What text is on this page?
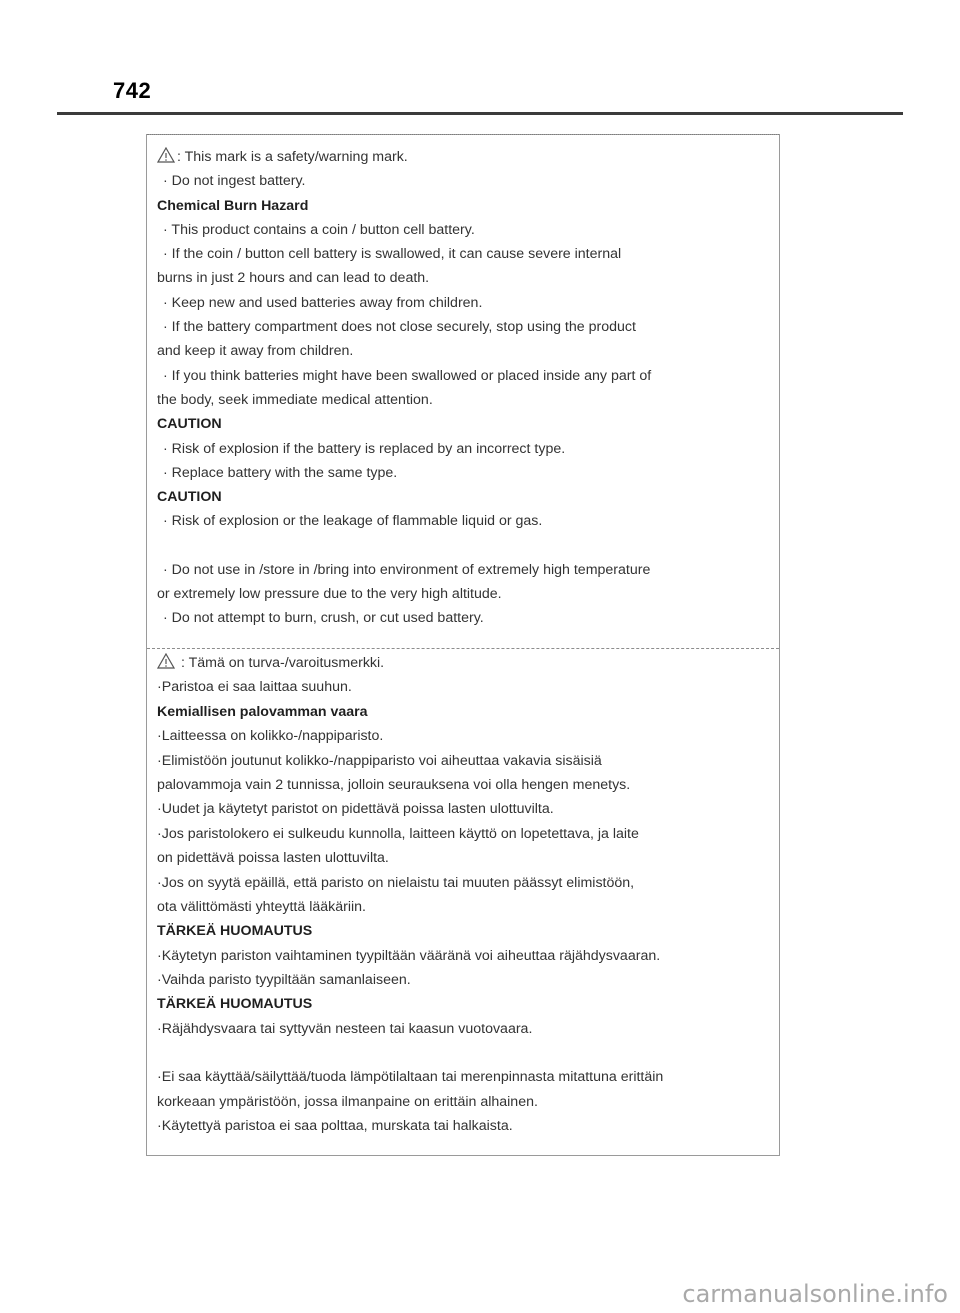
742
: This mark is a safety/warning mark.
· Do not ingest battery.
Chemical Burn Hazard
· This product contains a coin / button cell battery.
· If the coin / button cell battery is swallowed, it can cause severe internal
burns in just 2 hours and can lead to death.
· Keep new and used batteries away from children.
· If the battery compartment does not close securely, stop using the product
and keep it away from children.
· If you think batteries might have been swallowed or placed inside any part of
the body, seek immediate medical attention.
CAUTION
· Risk of explosion if the battery is replaced by an incorrect type.
· Replace battery with the same type.
CAUTION
· Risk of explosion or the leakage of flammable liquid or gas.
· Do not use in /store in /bring into environment of extremely high temperature
or extremely low pressure due to the very high altitude.
· Do not attempt to burn, crush, or cut used battery.
: Tämä on turva-/varoitusmerkki.
·Paristoa ei saa laittaa suuhun.
Kemiallisen palovamman vaara
·Laitteessa on kolikko-/nappiparisto.
·Elimistöön joutunut kolikko-/nappiparisto voi aiheuttaa vakavia sisäisiä
palovammoja vain 2 tunnissa, jolloin seurauksena voi olla hengen menetys.
·Uudet ja käytetyt paristot on pidettävä poissa lasten ulottuvilta.
·Jos paristolokero ei sulkeudu kunnolla, laitteen käyttö on lopetettava, ja laite
on pidettävä poissa lasten ulottuvilta.
·Jos on syytä epäillä, että paristo on nielaistu tai muuten päässyt elimistöön,
ota välittömästi yhteyttä lääkäriin.
TÄRKEÄ HUOMAUTUS
·Käytetyn pariston vaihtaminen tyypiltään vääränä voi aiheuttaa räjähdysvaaran.
·Vaihda paristo tyypiltään samanlaiseen.
TÄRKEÄ HUOMAUTUS
·Räjähdysvaara tai syttyvän nesteen tai kaasun vuotovaara.
·Ei saa käyttää/säilyttää/tuoda lämpötilaltaan tai merenpinnasta mitattuna erittäin
korkeaan ympäristöön, jossa ilmanpaine on erittäin alhainen.
·Käytettyä paristoa ei saa polttaa, murskata tai halkaista.
carmanualsonline.info
